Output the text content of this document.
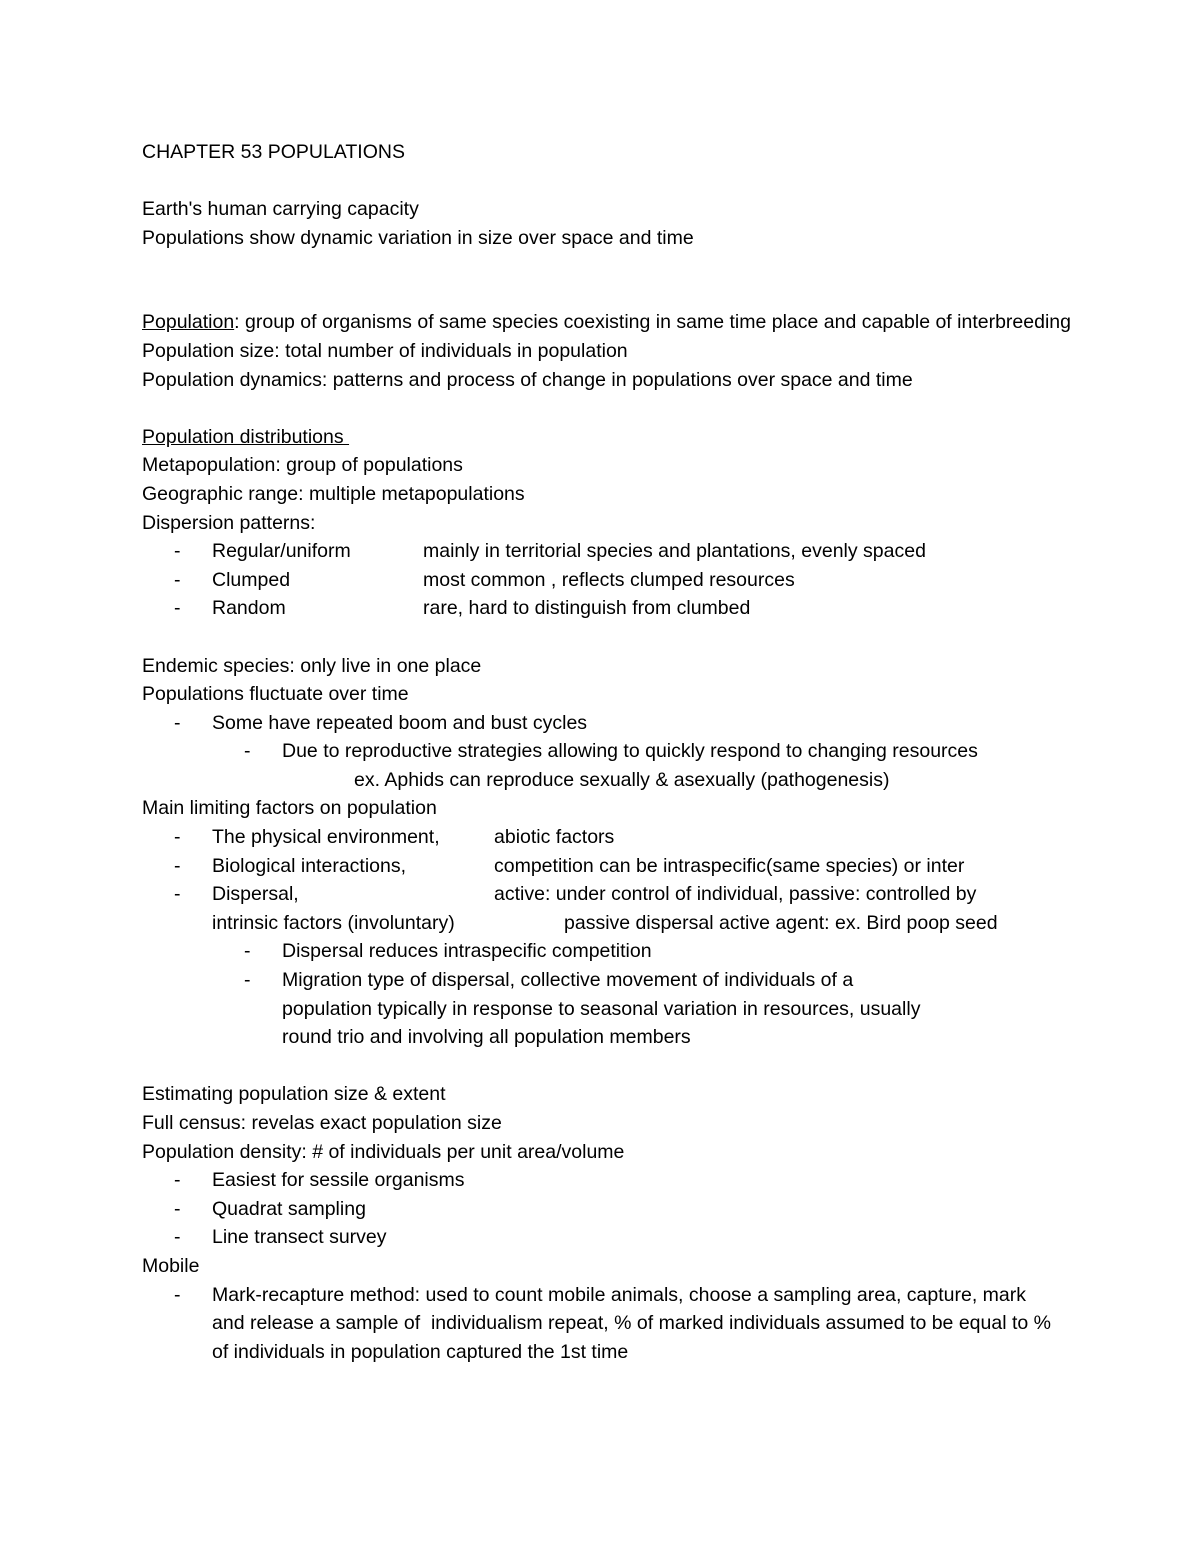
CHAPTER 53 POPULATIONS
Earth's human carrying capacity
Populations show dynamic variation in size over space and time
Population: group of organisms of same species coexisting in same time place and capable of interbreeding
Population size: total number of individuals in population
Population dynamics: patterns and process of change in populations over space and time
Population distributions
Metapopulation: group of populations
Geographic range: multiple metapopulations
Dispersion patterns:
- Regular/uniform	mainly in territorial species and plantations, evenly spaced
- Clumped	most common , reflects clumped resources
- Random	rare, hard to distinguish from clumbed
Endemic species: only live in one place
Populations fluctuate over time
- Some have repeated boom and bust cycles
- Due to reproductive strategies allowing to quickly respond to changing resources
ex. Aphids can reproduce sexually & asexually (pathogenesis)
Main limiting factors on population
- The physical environment,	abiotic factors
- Biological interactions,	competition can be intraspecific(same species) or inter
- Dispersal,	active: under control of individual, passive: controlled by
intrinsic factors (involuntary)	passive dispersal active agent: ex. Bird poop seed
- Dispersal reduces intraspecific competition
- Migration type of dispersal, collective movement of individuals of a population typically in response to seasonal variation in resources, usually round trio and involving all population members
Estimating population size & extent
Full census: revelas exact population size
Population density: # of individuals per unit area/volume
- Easiest for sessile organisms
- Quadrat sampling
- Line transect survey
Mobile
- Mark-recapture method: used to count mobile animals, choose a sampling area, capture, mark and release a sample of  individualism repeat, % of marked individuals assumed to be equal to % of individuals in population captured the 1st time
